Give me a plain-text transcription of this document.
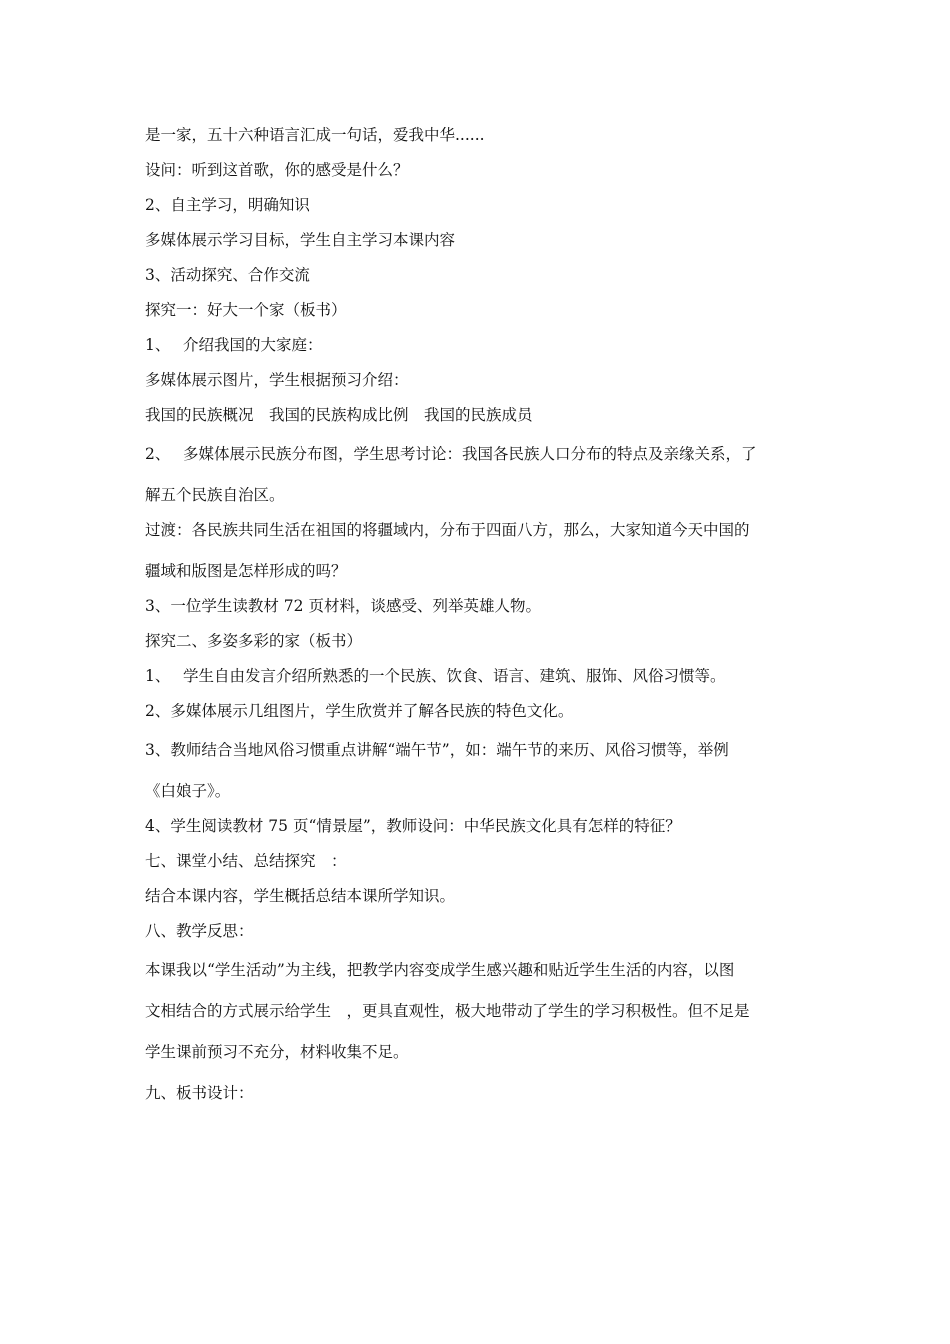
是一家，五十六种语言汇成一句话，爱我中华......

设问：听到这首歌，你的感受是什么？

2、自主学习，明确知识

多媒体展示学习目标，学生自主学习本课内容

3、活动探究、合作交流

探究一：好大一个家（板书）

1、　 介绍我国的大家庭：

多媒体展示图片，学生根据预习介绍：

我国的民族概况　我国的民族构成比例　我国的民族成员

2、　 多媒体展示民族分布图，学生思考讨论：我国各民族人口分布的特点及亲缘关系，了

解五个民族自治区。

过渡：各民族共同生活在祖国的将疆域内，分布于四面八方，那么，大家知道今天中国的

疆域和版图是怎样形成的吗？

3、一位学生读教材 72 页材料，谈感受、列举英雄人物。

探究二、多姿多彩的家（板书）

1、　 学生自由发言介绍所熟悉的一个民族、饮食、语言、建筑、服饰、风俗习惯等。

2、多媒体展示几组图片，学生欣赏并了解各民族的特色文化。

3、教师结合当地风俗习惯重点讲解“端午节”，如：端午节的来历、风俗习惯等，举例

《白娘子》。

4、学生阅读教材 75 页“情景屋”，教师设问：中华民族文化具有怎样的特征？

七、课堂小结、总结探究　：

结合本课内容，学生概括总结本课所学知识。

八、教学反思：

本课我以“学生活动”为主线，把教学内容变成学生感兴趣和贴近学生生活的内容，以图

文相结合的方式展示给学生　，更具直观性，极大地带动了学生的学习积极性。但不足是

学生课前预习不充分，材料收集不足。

九、板书设计：
